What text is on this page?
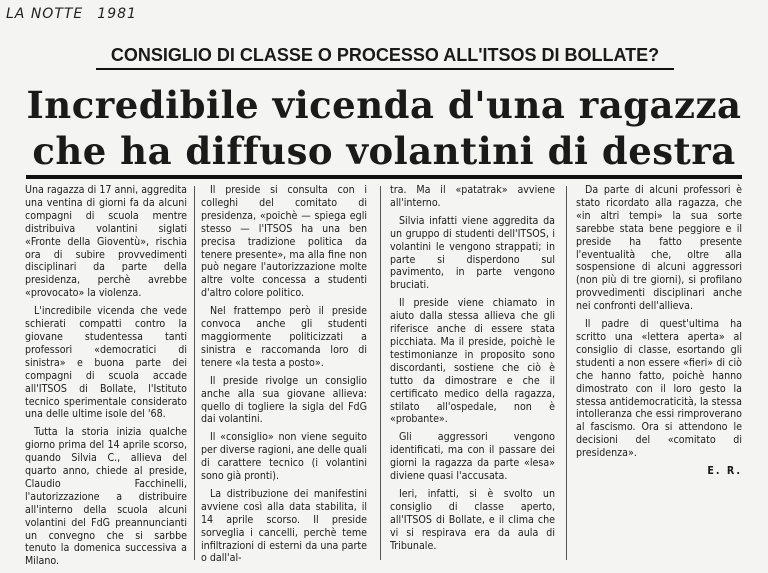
LA NOTTE 1981
CONSIGLIO DI CLASSE O PROCESSO ALL'ITSOS DI BOLLATE?
Incredibile vicenda d'una ragazza
che ha diffuso volantini di destra

Una ragazza di 17 anni, aggredita una ventina di giorni fa da alcuni compagni di scuola mentre distribuiva volantini siglati «Fronte della Gioventù», rischia ora di subire provvedimenti disciplinari da parte della presidenza, perchè avrebbe «provocato» la violenza.

L'incredibile vicenda che vede schierati compatti contro la giovane studentessa tanti professori «democratici di sinistra» e buona parte dei compagni di scuola accade all'ITSOS di Bollate, l'Istituto tecnico sperimentale considerato una delle ultime isole del '68.

Tutta la storia inizia qualche giorno prima del 14 aprile scorso, quando Silvia C., allieva del quarto anno, chiede al preside, Claudio Facchinelli, l'autorizzazione a distribuire all'interno della scuola alcuni volantini del FdG preannuncianti un convegno che si sarbbe tenuto la domenica successiva a Milano.

Il preside si consulta con i colleghi del comitato di presidenza, «poichè — spiega egli stesso — l'ITSOS ha una ben precisa tradizione politica da tenere presente», ma alla fine non può negare l'autorizzazione molte altre volte concessa a studenti d'altro colore politico.

Nel frattempo però il preside convoca anche gli studenti maggiormente politicizzati a sinistra e raccomanda loro di tenere «la testa a posto».

Il preside rivolge un consiglio anche alla sua giovane allieva: quello di togliere la sigla del FdG dai volantini.

Il «consiglio» non viene seguito per diverse ragioni, ane delle quali di carattere tecnico (i volantini sono già pronti).

La distribuzione dei manifestini avviene così alla data stabilita, il 14 aprile scorso. Il preside sorveglia i cancelli, perchè teme infiltrazioni di esterni da una parte o dall'al-

tra. Ma il «patatrak» avviene all'interno.

Silvia infatti viene aggredita da un gruppo di studenti dell'ITSOS, i volantini le vengono strappati; in parte si disperdono sul pavimento, in parte vengono bruciati.

Il preside viene chiamato in aiuto dalla stessa allieva che gli riferisce anche di essere stata picchiata. Ma il preside, poichè le testimonianze in proposito sono discordanti, sostiene che ciò è tutto da dimostrare e che il certificato medico della ragazza, stilato all'ospedale, non è «probante».

Gli aggressori vengono identificati, ma con il passare dei giorni la ragazza da parte «lesa» diviene quasi l'accusata.

Ieri, infatti, si è svolto un consiglio di classe aperto, all'ITSOS di Bollate, e il clima che vi si respirava era da aula di Tribunale.

Da parte di alcuni professori è stato ricordato alla ragazza, che «in altri tempi» la sua sorte sarebbe stata bene peggiore e il preside ha fatto presente l'eventualità che, oltre alla sospensione di alcuni aggressori (non più di tre giorni), si profilano provvedimenti disciplinari anche nei confronti dell'allieva.

Il padre di quest'ultima ha scritto una «lettera aperta» al consiglio di classe, esortando gli studenti a non essere «fieri» di ciò che hanno fatto, poichè hanno dimostrato con il loro gesto la stessa antidemocraticità, la stessa intolleranza che essi rimproverano al fascismo. Ora si attendono le decisioni del «comitato di presidenza».

E. R.
